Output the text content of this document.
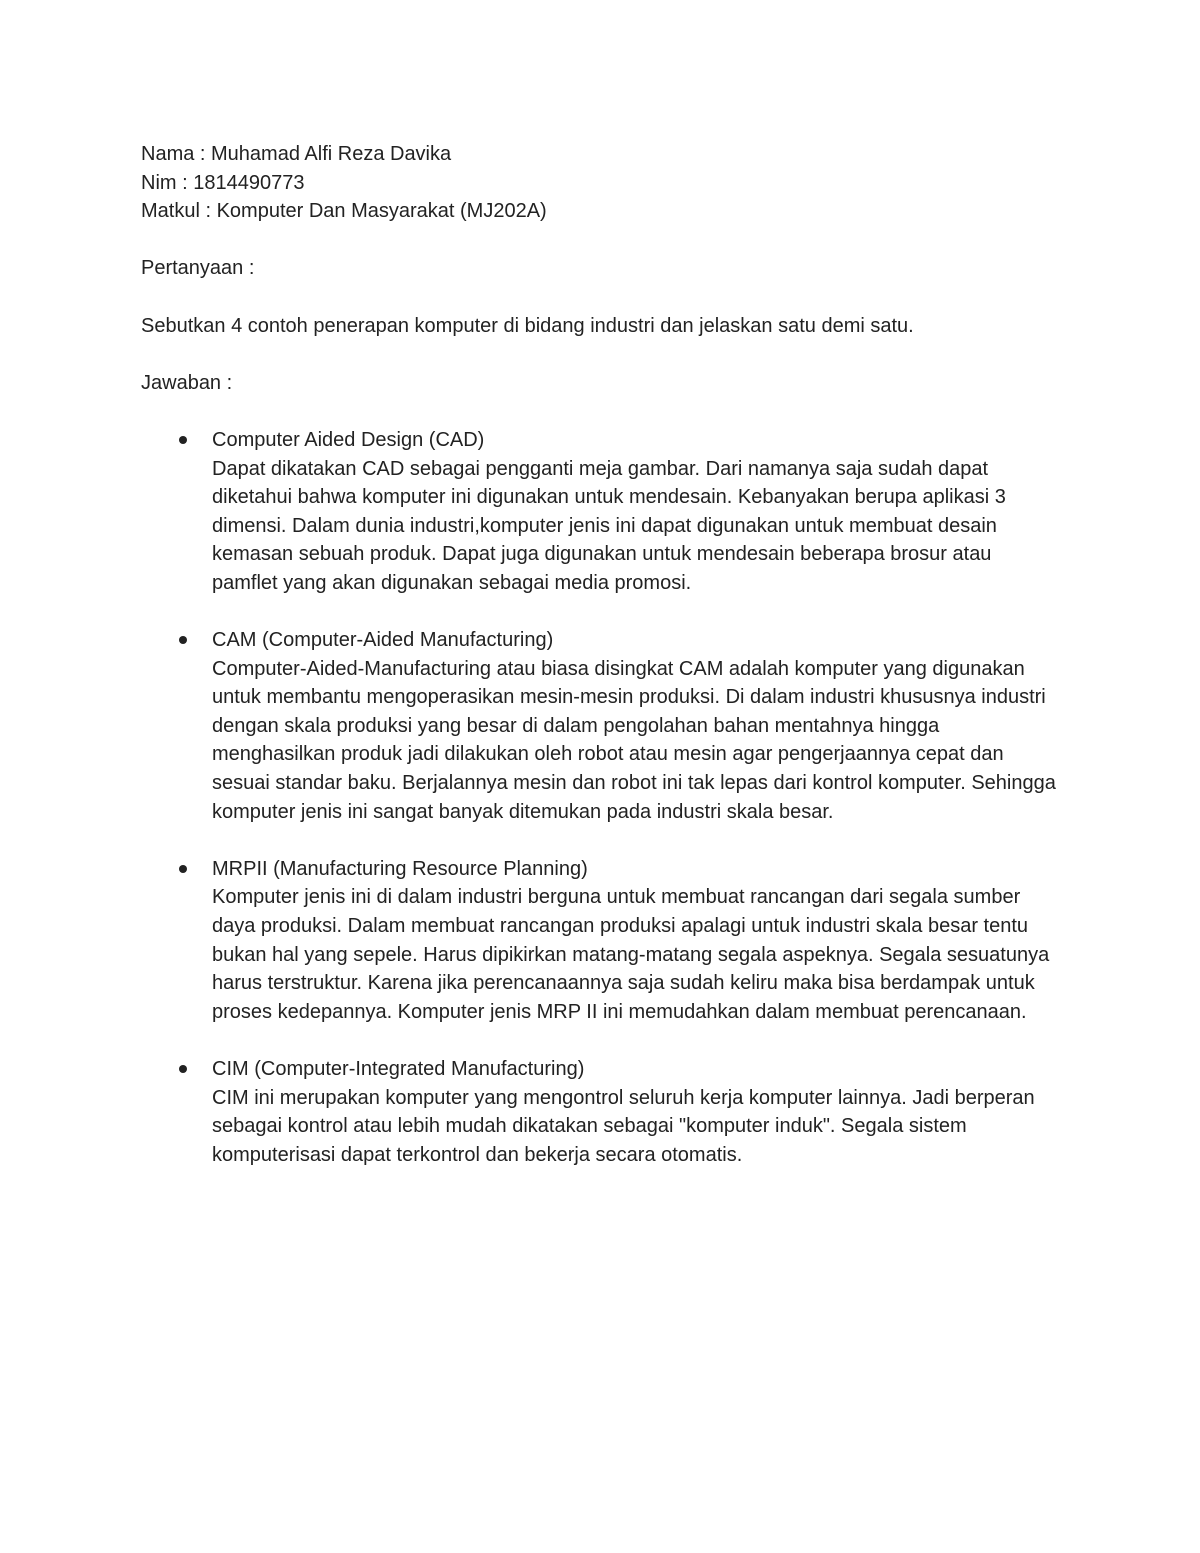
Nama : Muhamad Alfi Reza Davika

Nim : 1814490773

Matkul : Komputer Dan Masyarakat (MJ202A)

Pertanyaan :

Sebutkan 4 contoh penerapan komputer di bidang industri dan jelaskan satu demi satu.

Jawaban :

Computer Aided Design (CAD)
Dapat dikatakan CAD sebagai pengganti meja gambar. Dari namanya saja sudah dapat diketahui bahwa komputer ini digunakan untuk mendesain. Kebanyakan berupa aplikasi 3 dimensi. Dalam dunia industri,komputer jenis ini dapat digunakan untuk membuat desain kemasan sebuah produk. Dapat juga digunakan untuk mendesain beberapa brosur atau pamflet yang akan digunakan sebagai media promosi.
CAM (Computer-Aided Manufacturing)
Computer-Aided-Manufacturing atau biasa disingkat CAM adalah komputer yang digunakan untuk membantu mengoperasikan mesin-mesin produksi. Di dalam industri khususnya industri dengan skala produksi yang besar di dalam pengolahan bahan mentahnya hingga menghasilkan produk jadi dilakukan oleh robot atau mesin agar pengerjaannya cepat dan sesuai standar baku. Berjalannya mesin dan robot ini tak lepas dari kontrol komputer. Sehingga komputer jenis ini sangat banyak ditemukan pada industri skala besar.
MRPII (Manufacturing Resource Planning)
Komputer jenis ini di dalam industri berguna untuk membuat rancangan dari segala sumber daya produksi. Dalam membuat rancangan produksi apalagi untuk industri skala besar tentu bukan hal yang sepele. Harus dipikirkan matang-matang segala aspeknya. Segala sesuatunya harus terstruktur. Karena jika perencanaannya saja sudah keliru maka bisa berdampak untuk proses kedepannya. Komputer jenis MRP II ini memudahkan dalam membuat perencanaan.
CIM (Computer-Integrated Manufacturing)
CIM ini merupakan komputer yang mengontrol seluruh kerja komputer lainnya. Jadi berperan sebagai kontrol atau lebih mudah dikatakan sebagai "komputer induk". Segala sistem komputerisasi dapat terkontrol dan bekerja secara otomatis.
